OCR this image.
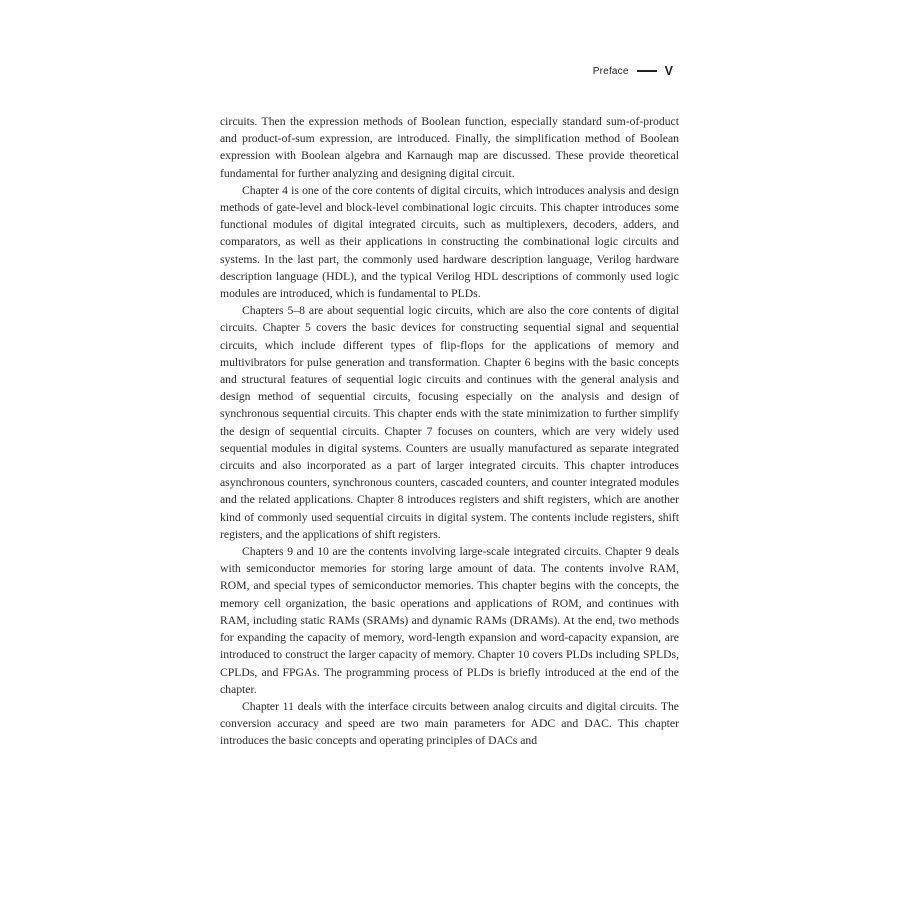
Preface	V

circuits. Then the expression methods of Boolean function, especially standard sum-of-product and product-of-sum expression, are introduced. Finally, the simplification method of Boolean expression with Boolean algebra and Karnaugh map are discussed. These provide theoretical fundamental for further analyzing and designing digital circuit.

Chapter 4 is one of the core contents of digital circuits, which introduces analysis and design methods of gate-level and block-level combinational logic circuits. This chapter introduces some functional modules of digital integrated circuits, such as multiplexers, decoders, adders, and comparators, as well as their applications in constructing the combinational logic circuits and systems. In the last part, the commonly used hardware description language, Verilog hardware description language (HDL), and the typical Verilog HDL descriptions of commonly used logic modules are introduced, which is fundamental to PLDs.

Chapters 5–8 are about sequential logic circuits, which are also the core contents of digital circuits. Chapter 5 covers the basic devices for constructing sequential signal and sequential circuits, which include different types of flip-flops for the applications of memory and multivibrators for pulse generation and transformation. Chapter 6 begins with the basic concepts and structural features of sequential logic circuits and continues with the general analysis and design method of sequential circuits, focusing especially on the analysis and design of synchronous sequential circuits. This chapter ends with the state minimization to further simplify the design of sequential circuits. Chapter 7 focuses on counters, which are very widely used sequential modules in digital systems. Counters are usually manufactured as separate integrated circuits and also incorporated as a part of larger integrated circuits. This chapter introduces asynchronous counters, synchronous counters, cascaded counters, and counter integrated modules and the related applications. Chapter 8 introduces registers and shift registers, which are another kind of commonly used sequential circuits in digital system. The contents include registers, shift registers, and the applications of shift registers.

Chapters 9 and 10 are the contents involving large-scale integrated circuits. Chapter 9 deals with semiconductor memories for storing large amount of data. The contents involve RAM, ROM, and special types of semiconductor memories. This chapter begins with the concepts, the memory cell organization, the basic operations and applications of ROM, and continues with RAM, including static RAMs (SRAMs) and dynamic RAMs (DRAMs). At the end, two methods for expanding the capacity of memory, word-length expansion and word-capacity expansion, are introduced to construct the larger capacity of memory. Chapter 10 covers PLDs including SPLDs, CPLDs, and FPGAs. The programming process of PLDs is briefly introduced at the end of the chapter.

Chapter 11 deals with the interface circuits between analog circuits and digital circuits. The conversion accuracy and speed are two main parameters for ADC and DAC. This chapter introduces the basic concepts and operating principles of DACs and
